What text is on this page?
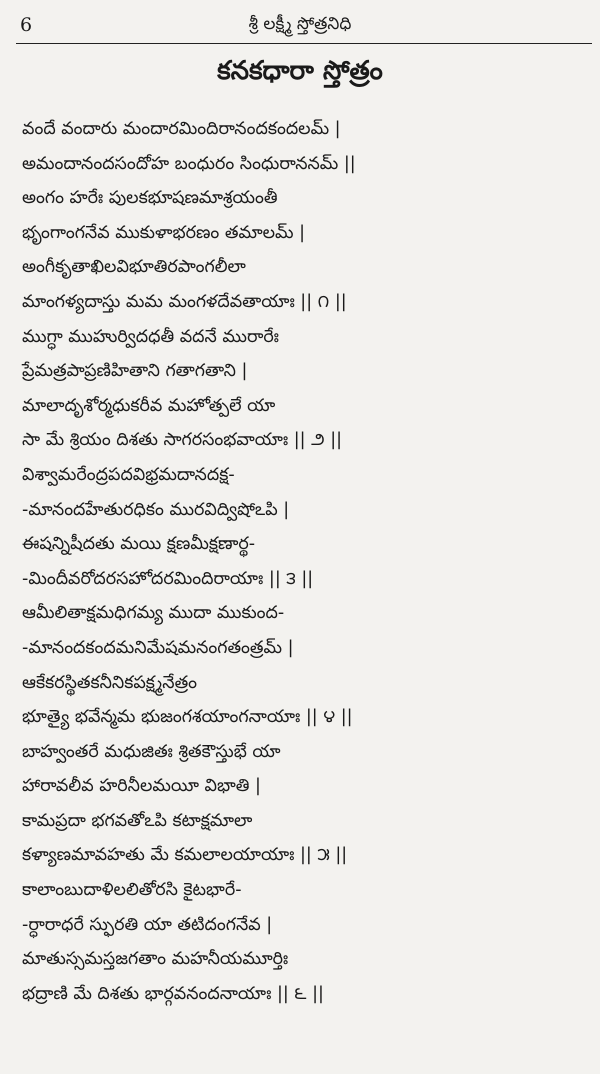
6	శ్రీ లక్ష్మీ స్తోత్రనిధి
కనకధారా స్తోత్రం
వందే వందారు మందారమిందిరానందకందలమ్ |
అమందానందసందోహ బంధురం సింధురాననమ్ ||
అంగం హరేః పులకభూషణమాశ్రయంతీ
భృంగాంగనేవ ముకుళాభరణం తమాలమ్ |
అంగీకృతాఖిలవిభూతిరపాంగలీలా
మాంగళ్యదాస్తు మమ మంగళదేవతాయాః || ౧ ||
ముగ్ధా ముహుర్విదధతీ వదనే మురారేః
ప్రేమత్రపాప్రణిహితాని గతాగతాని |
మాలాదృశోర్మధుకరీవ మహోత్పలే యా
సా మే శ్రియం దిశతు సాగరసంభవాయాః || ౨ ||
విశ్వామరేంద్రపదవిభ్రమదానదక్ష-
-మానందహేతురధికం మురవిద్విషోఽపి |
ఈషన్నిషీదతు మయి క్షణమీక్షణార్థ-
-మిందీవరోదరసహోదరమిందిరాయాః || ౩ ||
ఆమీలితాక్షమధిగమ్య ముదా ముకుంద-
-మానందకందమనిమేషమనంగతంత్రమ్ |
ఆకేకరస్థితకనీనికపక్ష్మనేత్రం
భూత్యై భవేన్మమ భుజంగశయాంగనాయాః || ౪ ||
బాహ్వంతరే మధుజితః శ్రితకౌస్తుభే యా
హారావలీవ హరినీలమయీ విభాతి |
కామప్రదా భగవతోఽపి కటాక్షమాలా
కళ్యాణమావహతు మే కమలాలయాయాః || ౫ ||
కాలాంబుదాళిలలితోరసి కైటభారే-
-ర్ధారాధరే స్ఫురతి యా తటిదంగనేవ |
మాతుస్సమస్తజగతాం మహనీయమూర్తిః
భద్రాణి మే దిశతు భార్గవనందనాయాః || ౬ ||
